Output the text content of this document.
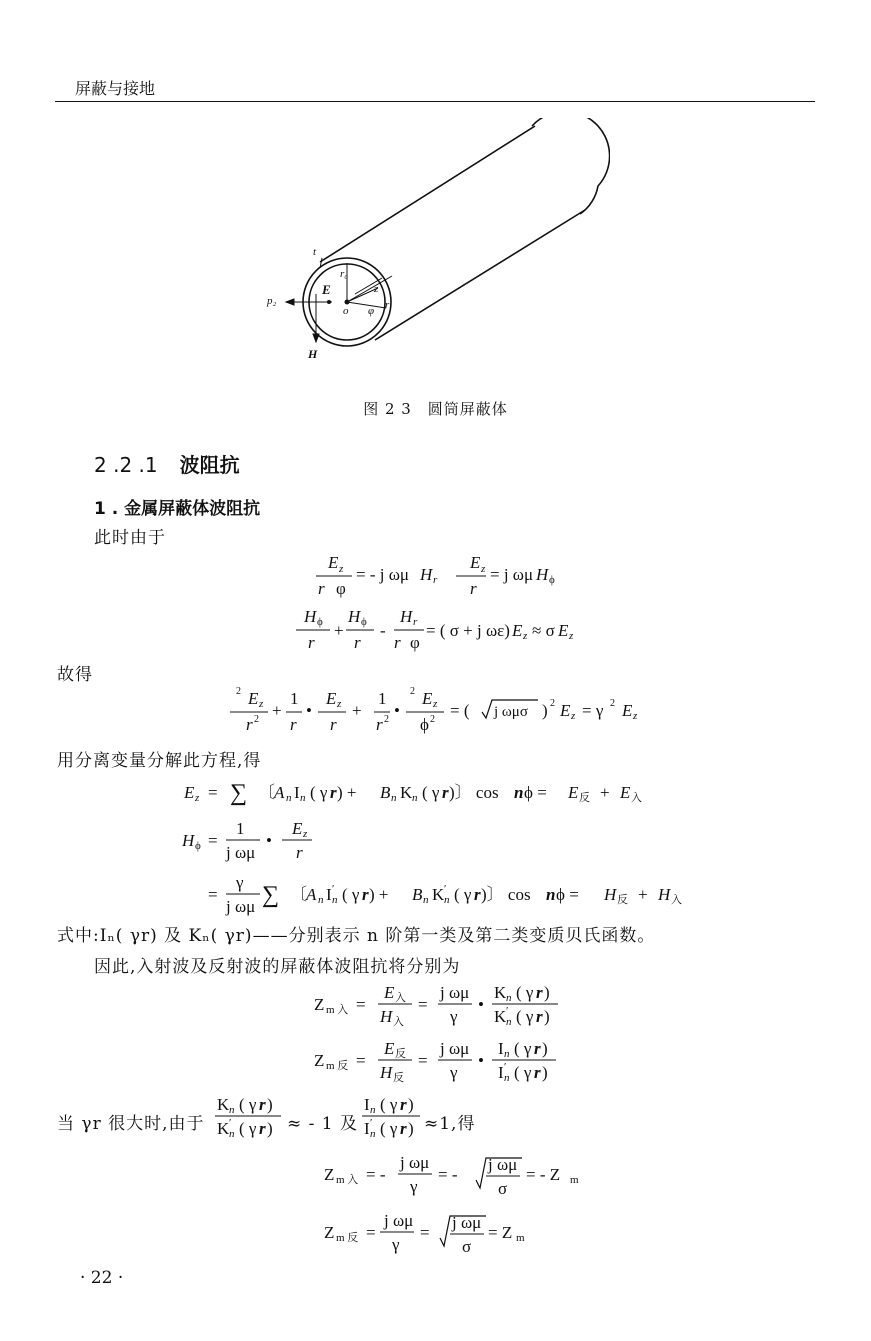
屏蔽与接地
t
r₀
E	z
r
o φ
p₂
H
图 2 3　圆筒屏蔽体
2 .2 .1 波阻抗
1 . 金属屏蔽体波阻抗
此时由于
E z
r φ
= - j ωμ H r
E z
r
= j ωμ H ϕ
H ϕ
r
+
H ϕ
r
-
H r
r φ
= ( σ + j ωε) E z ≈ σ E z
故得
2 E z
r 2 +
1
r
•
E z
r
+
1
r 2 •
2 E z
ϕ 2 = ( j ωμσ ) 2 E z = γ 2 E z
用分离变量分解此方程,得
E z = ∑ 〔 A n I n ( γ r ) + B n K n ( γ r )〕 cos n ϕ = E 反 + E 入
H ϕ =
1
j ωμ
•
E z
r
=
γ
j ωμ ∑ 〔 A n I n
′ ( γ r ) + B n K n
′ ( γ r )〕 cos n ϕ = H 反 + H 入
式中:Iₙ( γr) 及 Kₙ( γr)——分别表示 n 阶第一类及第二类变质贝氏函数。
因此,入射波及反射波的屏蔽体波阻抗将分别为
Z m 入 =
E 入
H 入
=
j ωμ
γ
•
K n ( γ r )
K n
′ ( γ r )
Z m 反 =
E 反
H 反
=
j ωμ
γ
•
I n ( γ r )
I n
′ ( γ r )
当 γr 很大时,由于
K n ( γ r )
K n
′ ( γ r ) ≈ - 1 及
I n ( γ r )
I n
′ ( γ r ) ≈1,得
Z m 入 = -
j ωμ
γ
= -
j ωμ
σ
= - Z m
Z m 反 =
j ωμ
γ
=
j ωμ
σ
= Z m
· 22 ·
